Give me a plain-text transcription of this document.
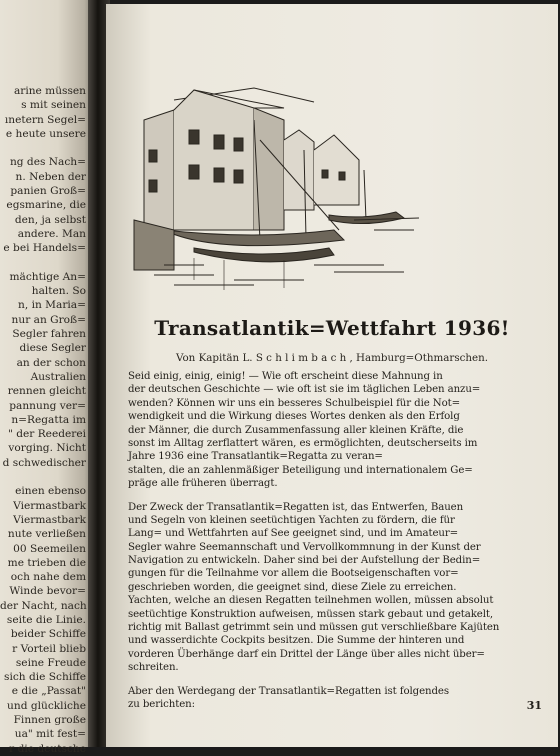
arine müssen
s mit seinen
ınetern Segel=
e heute unsere
ng des Nach=
n. Neben der
panien Groß=
egsmarine, die
den, ja selbst
andere. Man
e bei Handels=
mächtige An=
halten. So
n, in Maria=
nur an Groß=
Segler fahren
diese Segler
an der schon
Australien
rennen gleicht
pannung ver=
n=Regatta im
" der Reederei
vorging. Nicht
d schwedischer
einen ebenso
Viermastbark
Viermastbark
nute verließen
00 Seemeilen
me trieben die
och nahe dem
Winde bevor=
der Nacht, nach
seite die Linie.
beider Schiffe
r Vorteil blieb
seine Freude
sich die Schiffe
e die „Passat"
und glückliche
Finnen große
ua" mit fest=
r die deutsche
Transatlantik=Wettfahrt 1936!

Von Kapitän L. S c h l i m b a c h , Hamburg=Othmarschen.

Seid einig, einig, einig! — Wie oft erscheint diese Mahnung in
der deutschen Geschichte — wie oft ist sie im täglichen Leben anzu=
wenden? Können wir uns ein besseres Schulbeispiel für die Not=
wendigkeit und die Wirkung dieses Wortes denken als den Erfolg
der Männer, die durch Zusammenfassung aller kleinen Kräfte, die
sonst im Alltag zerflattert wären, es ermöglichten, deutscherseits im
Jahre 1936 eine Transatlantik=Regatta zu veran=
stalten, die an zahlenmäßiger Beteiligung und internationalem Ge=
präge alle früheren überragt.
Der Zweck der Transatlantik=Regatten ist, das Entwerfen, Bauen
und Segeln von kleinen seetüchtigen Yachten zu fördern, die für
Lang= und Wettfahrten auf See geeignet sind, und im Amateur=
Segler wahre Seemannschaft und Vervollkommnung in der Kunst der
Navigation zu entwickeln. Daher sind bei der Aufstellung der Bedin=
gungen für die Teilnahme vor allem die Bootseigenschaften vor=
geschrieben worden, die geeignet sind, diese Ziele zu erreichen.
Yachten, welche an diesen Regatten teilnehmen wollen, müssen absolut
seetüchtige Konstruktion aufweisen, müssen stark gebaut und getakelt,
richtig mit Ballast getrimmt sein und müssen gut verschließbare Kajüten
und wasserdichte Cockpits besitzen. Die Summe der hinteren und
vorderen Überhänge darf ein Drittel der Länge über alles nicht über=
schreiten.
Aber den Werdegang der Transatlantik=Regatten ist folgendes
zu berichten:	31
